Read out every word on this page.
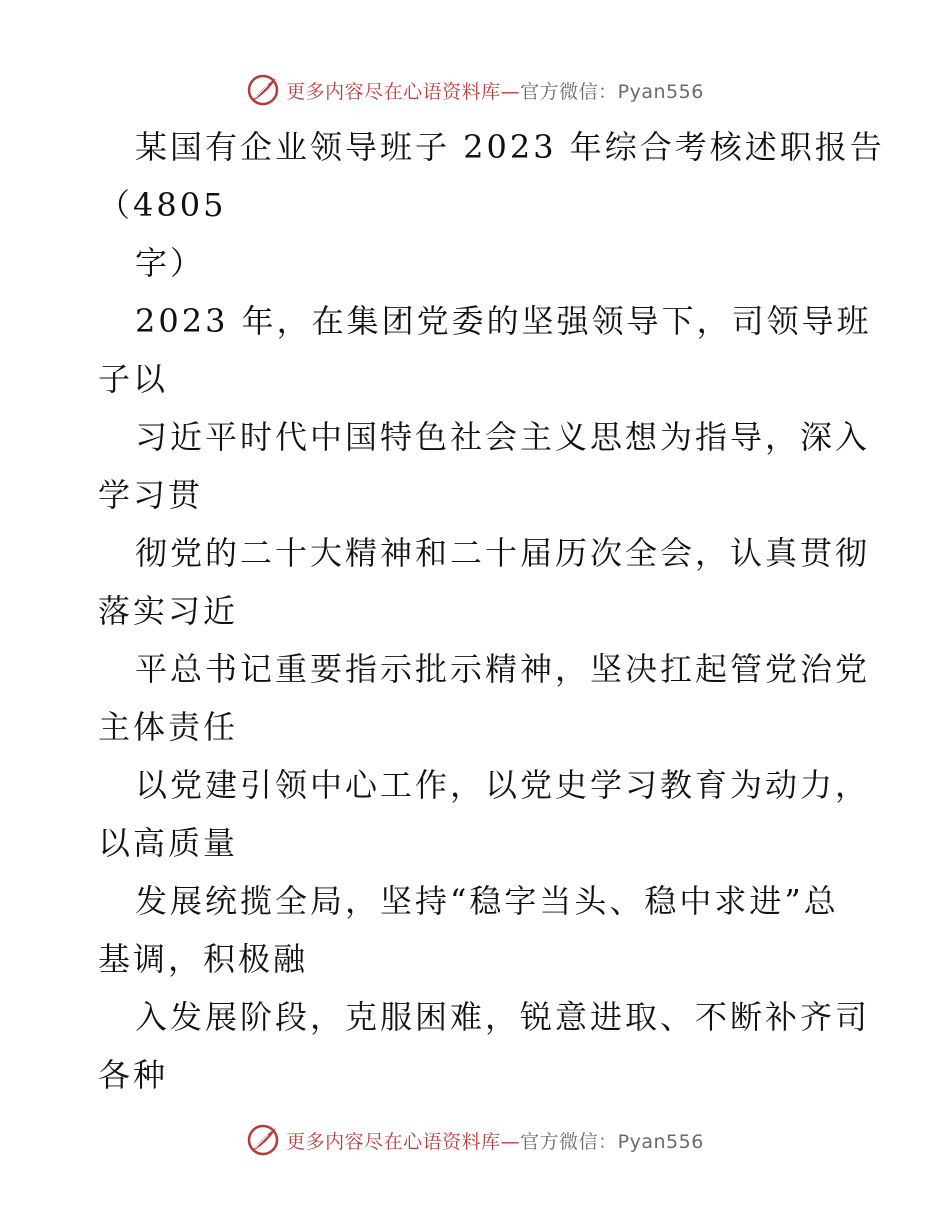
更多内容尽在心语资料库—官方微信：Pyan556
某国有企业领导班子 2023 年综合考核述职报告
（4805
字）
2023 年，在集团党委的坚强领导下，司领导班
子以
习近平时代中国特色社会主义思想为指导，深入
学习贯
彻党的二十大精神和二十届历次全会，认真贯彻
落实习近
平总书记重要指示批示精神，坚决扛起管党治党
主体责任
以党建引领中心工作，以党史学习教育为动力，
以高质量
发展统揽全局，坚持“稳字当头、稳中求进”总
基调，积极融
入发展阶段，克服困难，锐意进取、不断补齐司
各种
更多内容尽在心语资料库—官方微信：Pyan556
